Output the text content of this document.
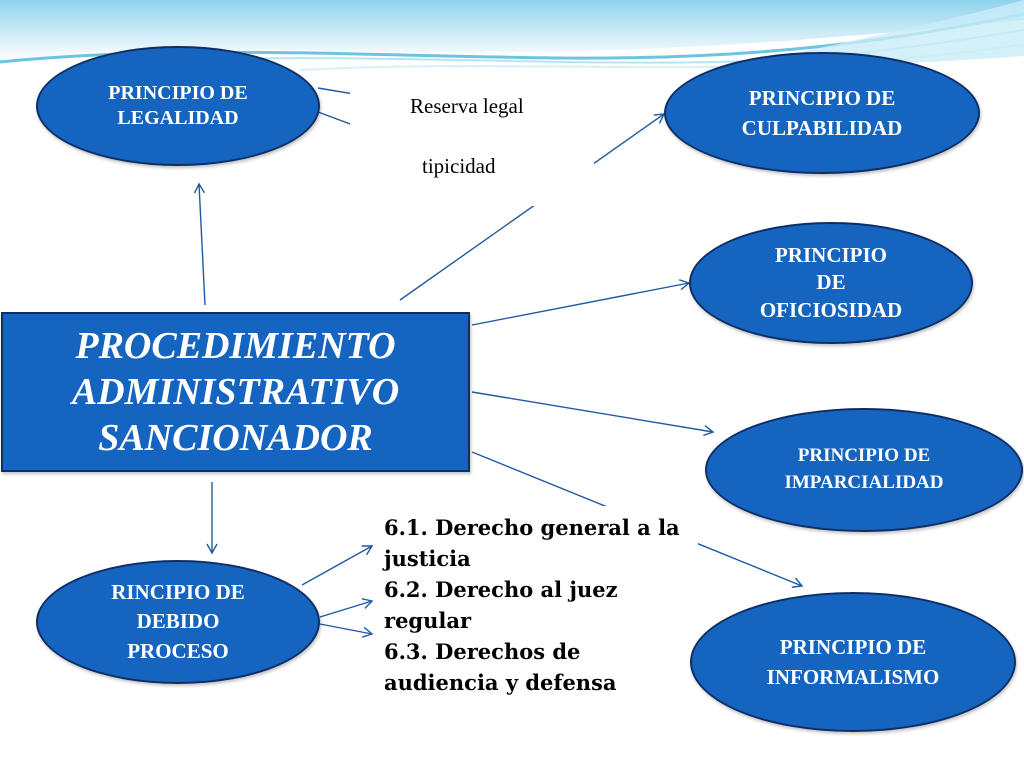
PRINCIPIOS DEL
PRINCIPIO DE
LEGALIDAD	Reserva legal
tipicidad
PRINCIPIO DE
CULPABILIDAD
PRINCIPIO
DE
OFICIOSIDAD
PROCEDIMIENTO
ADMINISTRATIVO
SANCIONADOR	PRINCIPIO DE
IMPARCIALIDAD
6.1. Derecho general a la
justicia
6.2. Derecho al juez
regular
6.3. Derechos de
audiencia y defensa
RINCIPIO DE
DEBIDO
PROCESO	PRINCIPIO DE
INFORMALISMO
